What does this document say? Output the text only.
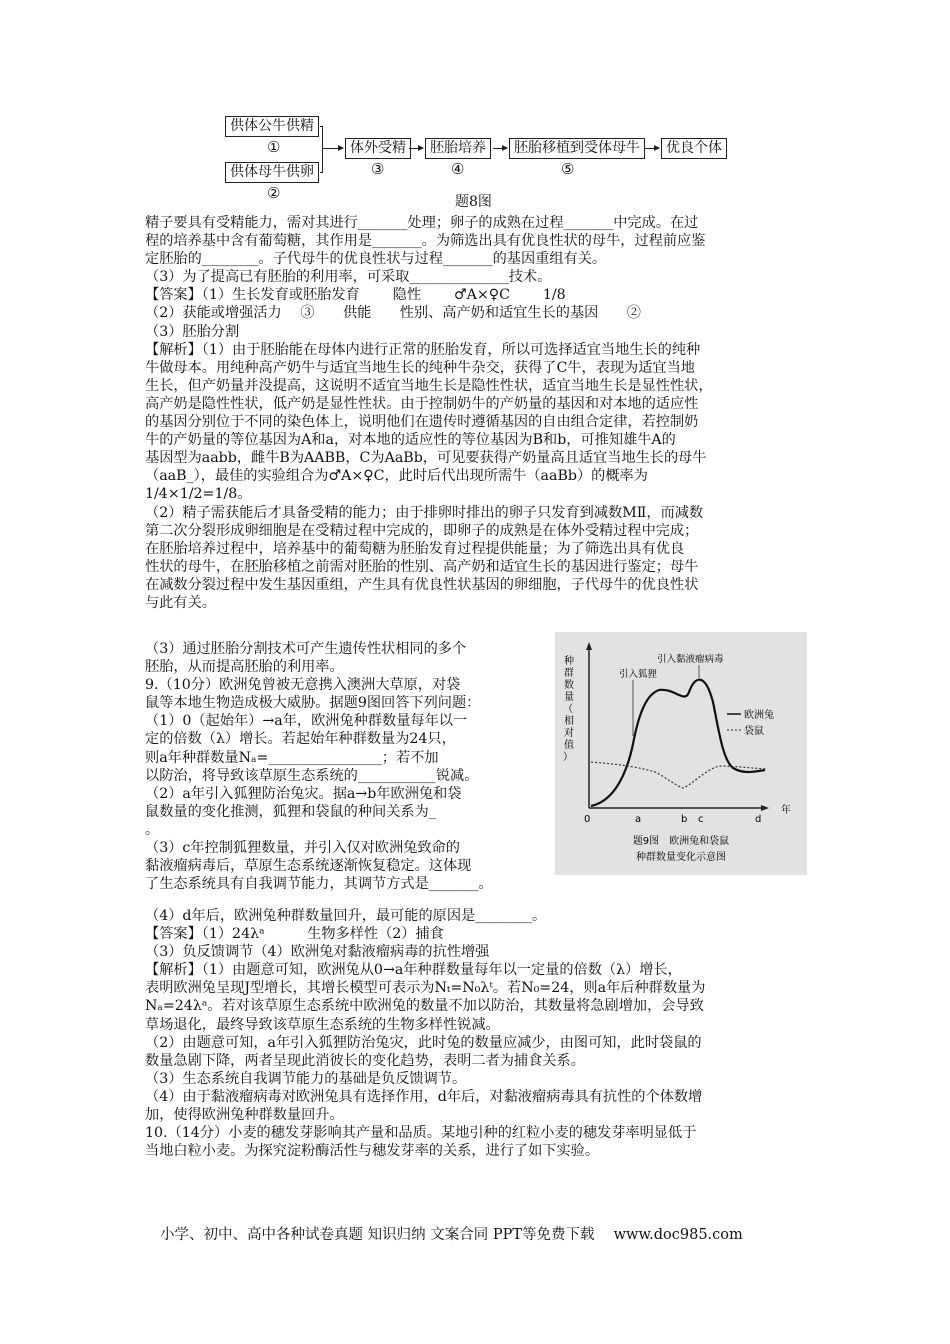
供体公牛供精
①
供体母牛供卵
②
体外受精
③
胚胎培养
④
胚胎移植到受体母牛
⑤
优良个体
题8图

精子要具有受精能力，需对其进行_______处理；卵子的成熟在过程_______中完成。在过

程的培养基中含有葡萄糖，其作用是_______。为筛选出具有优良性状的母牛，过程前应鉴

定胚胎的________。子代母牛的优良性状与过程_______的基因重组有关。

（3）为了提高已有胚胎的利用率，可采取______________技术。

【答案】（1）生长发育或胚胎发育　　 隐性　　 ♂A×♀C　　 1/8

（2）获能或增强活力　 ③　　供能　　性别、高产奶和适宜生长的基因　　②

（3）胚胎分割

【解析】（1）由于胚胎能在母体内进行正常的胚胎发育，所以可选择适宜当地生长的纯种

牛做母本。用纯种高产奶牛与适宜当地生长的纯种牛杂交，获得了C牛，表现为适宜当地

生长，但产奶量并没提高，这说明不适宜当地生长是隐性性状，适宜当地生长是显性性状，

高产奶是隐性性状，低产奶是显性性状。由于控制奶牛的产奶量的基因和对本地的适应性

的基因分别位于不同的染色体上，说明他们在遗传时遵循基因的自由组合定律，若控制奶

牛的产奶量的等位基因为A和a，对本地的适应性的等位基因为B和b，可推知雄牛A的

基因型为aabb，雌牛B为AABB，C为AaBb，可见要获得产奶量高且适宜当地生长的母牛

（aaB_），最佳的实验组合为♂A×♀C，此时后代出现所需牛（aaBb）的概率为

1/4×1/2=1/8。

（2）精子需获能后才具备受精的能力；由于排卵时排出的卵子只发育到减数MⅡ，而减数

第二次分裂形成卵细胞是在受精过程中完成的，即卵子的成熟是在体外受精过程中完成；

在胚胎培养过程中，培养基中的葡萄糖为胚胎发育过程提供能量；为了筛选出具有优良

性状的母牛，在胚胎移植之前需对胚胎的性别、高产奶和适宜生长的基因进行鉴定；母牛

在减数分裂过程中发生基因重组，产生具有优良性状基因的卵细胞，子代母牛的优良性状

与此有关。

（3）通过胚胎分割技术可产生遗传性状相同的多个

胚胎，从而提高胚胎的利用率。

9.（10分）欧洲兔曾被无意携入澳洲大草原，对袋

鼠等本地生物造成极大威胁。据题9图回答下列问题：

（1）0（起始年）→a年，欧洲兔种群数量每年以一

定的倍数（λ）增长。若起始年种群数量为24只，

则a年种群数量Nₐ=________________；若不加

以防治，将导致该草原生态系统的___________锐减。

（2）a年引入狐狸防治兔灾。据a→b年欧洲兔和袋

鼠数量的变化推测，狐狸和袋鼠的种间关系为_

。

（3）c年控制狐狸数量，并引入仅对欧洲兔致命的

黏液瘤病毒后，草原生态系统逐渐恢复稳定。这体现

了生态系统具有自我调节能力，其调节方式是_______。

种群数量（相对值）
引入狐狸
引入黏液瘤病毒
欧洲兔
袋鼠
0	a	b c	d
年
题9图　欧洲兔和袋鼠
种群数量变化示意图

（4）d年后，欧洲兔种群数量回升，最可能的原因是________。

【答案】（1）24λᵃ　　　生物多样性（2）捕食

（3）负反馈调节（4）欧洲兔对黏液瘤病毒的抗性增强

【解析】（1）由题意可知，欧洲兔从0→a年种群数量每年以一定量的倍数（λ）增长，

表明欧洲兔呈现J型增长，其增长模型可表示为Nₜ=N₀λᵗ。若N₀=24，则a年后种群数量为

Nₐ=24λᵃ。若对该草原生态系统中欧洲兔的数量不加以防治，其数量将急剧增加，会导致

草场退化，最终导致该草原生态系统的生物多样性锐减。

（2）由题意可知，a年引入狐狸防治兔灾，此时兔的数量应减少，由图可知，此时袋鼠的

数量急剧下降，两者呈现此消彼长的变化趋势，表明二者为捕食关系。

（3）生态系统自我调节能力的基础是负反馈调节。

（4）由于黏液瘤病毒对欧洲兔具有选择作用，d年后，对黏液瘤病毒具有抗性的个体数增

加，使得欧洲兔种群数量回升。

10.（14分）小麦的穗发芽影响其产量和品质。某地引种的红粒小麦的穗发芽率明显低于

当地白粒小麦。为探究淀粉酶活性与穗发芽率的关系，进行了如下实验。

小学、初中、高中各种试卷真题 知识归纳 文案合同 PPT等免费下载　 www.doc985.com
